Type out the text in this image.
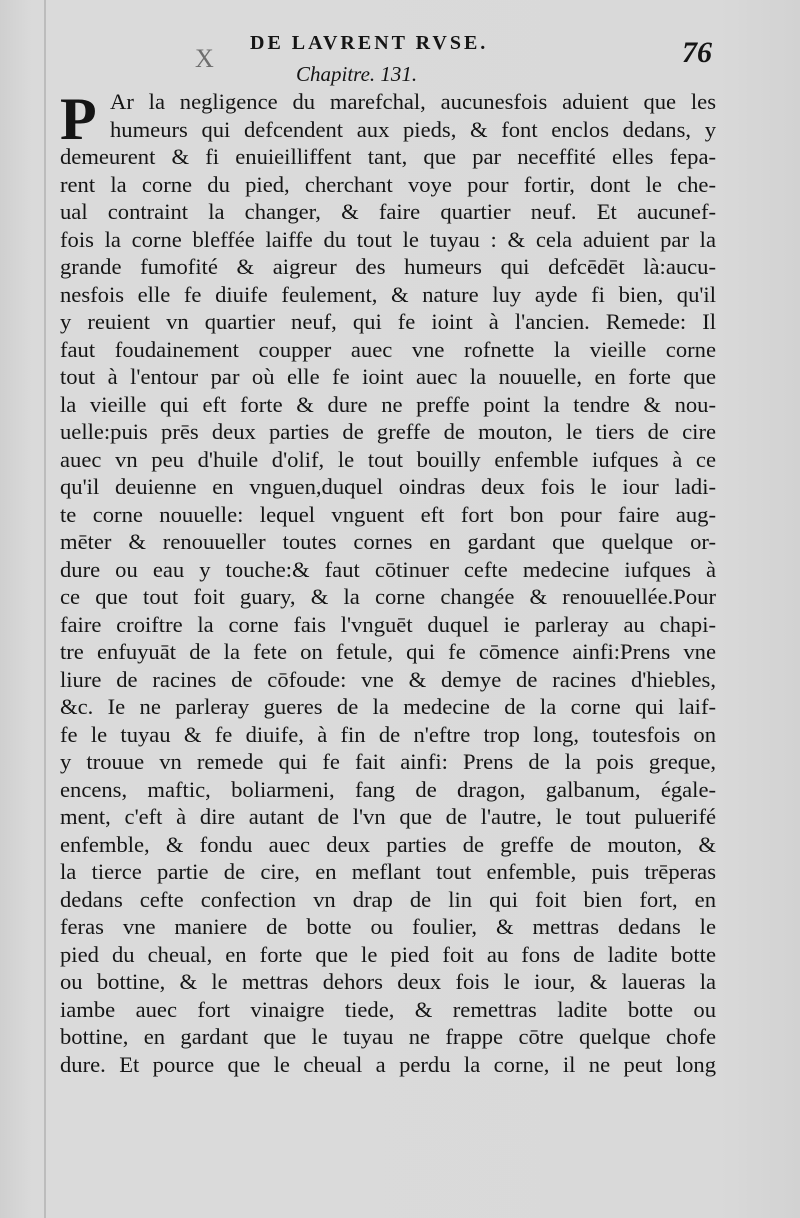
X
DE LAVRENT RVSE.	76
Chapitre. 131.
P Ar la negligence du marefchal, aucunesfois aduient que les
humeurs qui defcendent aux pieds, & font enclos dedans, y
demeurent & fi enuieilliffent tant, que par neceffité elles fepa-
rent la corne du pied, cherchant voye pour fortir, dont le che-
ual contraint la changer, & faire quartier neuf. Et aucunef-
fois la corne bleffée laiffe du tout le tuyau : & cela aduient par la
grande fumofité & aigreur des humeurs qui defcēdēt là:aucu-
nesfois elle fe diuife feulement, & nature luy ayde fi bien, qu'il
y reuient vn quartier neuf, qui fe ioint à l'ancien. Remede: Il
faut foudainement coupper auec vne rofnette la vieille corne
tout à l'entour par où elle fe ioint auec la nouuelle, en forte que
la vieille qui eft forte & dure ne preffe point la tendre & nou-
uelle:puis prēs deux parties de greffe de mouton, le tiers de cire
auec vn peu d'huile d'olif, le tout bouilly enfemble iufques à ce
qu'il deuienne en vnguen,duquel oindras deux fois le iour ladi-
te corne nouuelle: lequel vnguent eft fort bon pour faire aug-
mēter & renouueller toutes cornes en gardant que quelque or-
dure ou eau y touche:& faut cōtinuer cefte medecine iufques à
ce que tout foit guary, & la corne changée & renouuellée.Pour
faire croiftre la corne fais l'vnguēt duquel ie parleray au chapi-
tre enfuyuāt de la fete on fetule, qui fe cōmence ainfi:Prens vne
liure de racines de cōfoude: vne & demye de racines d'hiebles,
&c. Ie ne parleray gueres de la medecine de la corne qui laif-
fe le tuyau & fe diuife, à fin de n'eftre trop long, toutesfois on
y trouue vn remede qui fe fait ainfi: Prens de la pois greque,
encens, maftic, boliarmeni, fang de dragon, galbanum, égale-
ment, c'eft à dire autant de l'vn que de l'autre, le tout puluerifé
enfemble, & fondu auec deux parties de greffe de mouton, &
la tierce partie de cire, en meflant tout enfemble, puis trēperas
dedans cefte confection vn drap de lin qui foit bien fort, en
feras vne maniere de botte ou foulier, & mettras dedans le
pied du cheual, en forte que le pied foit au fons de ladite botte
ou bottine, & le mettras dehors deux fois le iour, & laueras la
iambe auec fort vinaigre tiede, & remettras ladite botte ou
bottine, en gardant que le tuyau ne frappe cōtre quelque chofe
dure. Et pource que le cheual a perdu la corne, il ne peut long
